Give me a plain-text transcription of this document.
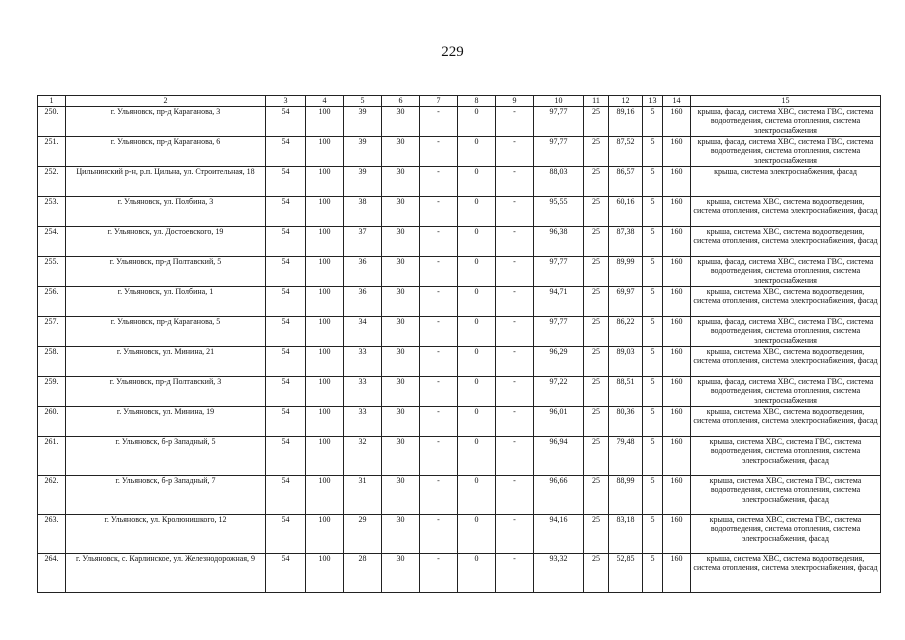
229
1	2	3	4	5	6	7	8	9	10	11	12	13	14	15
250.	г. Ульяновск, пр-д Караганова, 3	54	100	39	30	-	0	-	97,77	25	89,16	5	160	крыша, фасад, система ХВС, система ГВС, система водоотведения, система отопления, система электроснабжения
251.	г. Ульяновск, пр-д Караганова, 6	54	100	39	30	-	0	-	97,77	25	87,52	5	160	крыша, фасад, система ХВС, система ГВС, система водоотведения, система отопления, система электроснабжения
252.	Цильнинский р-н, р.п. Цильна, ул. Строительная, 18	54	100	39	30	-	0	-	88,03	25	86,57	5	160	крыша, система электроснабжения, фасад
253.	г. Ульяновск, ул. Полбина, 3	54	100	38	30	-	0	-	95,55	25	60,16	5	160	крыша, система ХВС, система водоотведения, система отопления, система электроснабжения, фасад
254.	г. Ульяновск, ул. Достоевского, 19	54	100	37	30	-	0	-	96,38	25	87,38	5	160	крыша, система ХВС, система водоотведения, система отопления, система электроснабжения, фасад
255.	г. Ульяновск, пр-д Полтавский, 5	54	100	36	30	-	0	-	97,77	25	89,99	5	160	крыша, фасад, система ХВС, система ГВС, система водоотведения, система отопления, система электроснабжения
256.	г. Ульяновск, ул. Полбина, 1	54	100	36	30	-	0	-	94,71	25	69,97	5	160	крыша, система ХВС, система водоотведения, система отопления, система электроснабжения, фасад
257.	г. Ульяновск, пр-д Караганова, 5	54	100	34	30	-	0	-	97,77	25	86,22	5	160	крыша, фасад, система ХВС, система ГВС, система водоотведения, система отопления, система электроснабжения
258.	г. Ульяновск, ул. Минина, 21	54	100	33	30	-	0	-	96,29	25	89,03	5	160	крыша, система ХВС, система водоотведения, система отопления, система электроснабжения, фасад
259.	г. Ульяновск, пр-д Полтавский, 3	54	100	33	30	-	0	-	97,22	25	88,51	5	160	крыша, фасад, система ХВС, система ГВС, система водоотведения, система отопления, система электроснабжения
260.	г. Ульяновск, ул. Минина, 19	54	100	33	30	-	0	-	96,01	25	80,36	5	160	крыша, система ХВС, система водоотведения, система отопления, система электроснабжения, фасад
261.	г. Ульяновск, б-р Западный, 5	54	100	32	30	-	0	-	96,94	25	79,48	5	160	крыша, система ХВС, система ГВС, система водоотведения, система отопления, система электроснабжения, фасад
262.	г. Ульяновск, б-р Западный, 7	54	100	31	30	-	0	-	96,66	25	88,99	5	160	крыша, система ХВС, система ГВС, система водоотведения, система отопления, система электроснабжения, фасад
263.	г. Ульяновск, ул. Кролюнишкого, 12	54	100	29	30	-	0	-	94,16	25	83,18	5	160	крыша, система ХВС, система ГВС, система водоотведения, система отопления, система электроснабжения, фасад
264.	г. Ульяновск, с. Карлинское, ул. Железнодорожная, 9	54	100	28	30	-	0	-	93,32	25	52,85	5	160	крыша, система ХВС, система водоотведения, система отопления, система электроснабжения, фасад
